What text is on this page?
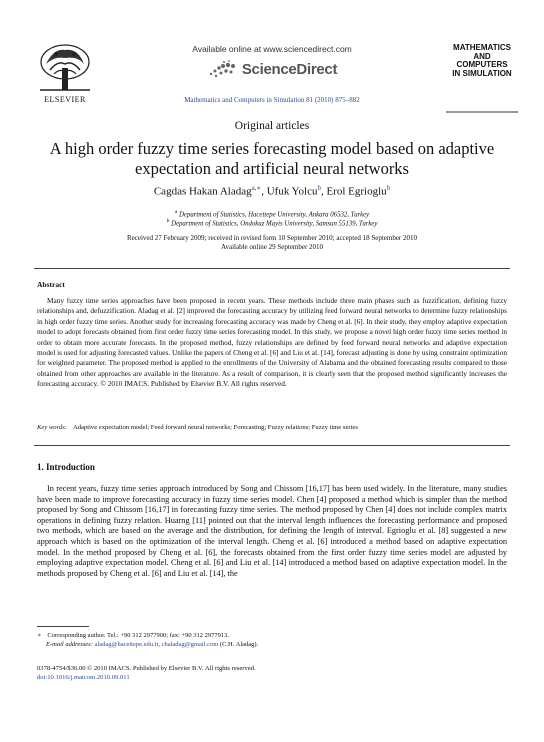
ELSEVIER
Available online at www.sciencedirect.com
ScienceDirect
Mathematics and Computers in Simulation 81 (2010) 875–882
MATHEMATICS
AND
COMPUTERS
IN SIMULATION
Original articles
A high order fuzzy time series forecasting model based on adaptive expectation and artificial neural networks
Cagdas Hakan Aladag$^{a,∗}$, Ufuk Yolcu$^b$, Erol Egrioglu$^b$
$^a$ Department of Statistics, Hacettepe University, Ankara 06532, Turkey
$^b$ Department of Statistics, Ondokuz Mayis University, Samsun 55139, Turkey
Received 27 February 2009; received in revised form 10 September 2010; accepted 18 September 2010
Available online 29 September 2010
Abstract
Many fuzzy time series approaches have been proposed in recent years. These methods include three main phases such as fuzzification, defining fuzzy relationships and, defuzzification. Aladag et al. [2] improved the forecasting accuracy by utilizing feed forward neural networks to determine fuzzy relationships in high order fuzzy time series. Another study for increasing forecasting accuracy was made by Cheng et al. [6]. In their study, they employ adaptive expectation model to adopt forecasts obtained from first order fuzzy time series forecasting model. In this study, we propose a novel high order fuzzy time series method in order to obtain more accurate forecasts. In the proposed method, fuzzy relationships are defined by feed forward neural networks and adaptive expectation model is used for adjusting forecasted values. Unlike the papers of Cheng et al. [6] and Liu et al. [14], forecast adjusting is done by using constraint optimization for weighted parameter. The proposed method is applied to the enrollments of the University of Alabama and the obtained forecasting results compared to those obtained from other approaches are available in the literature. As a result of comparison, it is clearly seen that the proposed method significantly increases the forecasting accuracy. © 2010 IMACS. Published by Elsevier B.V. All rights reserved.
Key words: Adaptive expectation model; Feed forward neural networks; Forecasting; Fuzzy relations; Fuzzy time series
1. Introduction
In recent years, fuzzy time series approach introduced by Song and Chissom [16,17] has been used widely. In the literature, many studies have been made to improve forecasting accuracy in fuzzy time series model. Chen [4] proposed a method which is simpler than the method proposed by Song and Chissom [16,17] in forecasting fuzzy time series. The method proposed by Chen [4] does not include complex matrix operations in defining fuzzy relation. Huarng [11] pointed out that the interval length influences the forecasting performance and proposed two methods, which are based on the average and the distribution, for defining the length of interval. Egrioglu et al. [8] suggested a new approach which is based on the optimization of the interval length. Cheng et al. [6] introduced a method based on adaptive expectation model. In the method proposed by Cheng et al. [6], the forecasts obtained from the first order fuzzy time series model are adjusted by employing adaptive expectation model. Cheng et al. [6] and Liu et al. [14] introduced a method based on adaptive expectation model. In the methods proposed by Cheng et al. [6] and Liu et al. [14], the
∗ Corresponding author. Tel.: +90 312 2977900; fax: +90 312 2977913.
E-mail addresses: aladag@hacettepe.edu.tr, chaladag@gmail.com (C.H. Aladag).
0378-4754/$36.00 © 2010 IMACS. Published by Elsevier B.V. All rights reserved.
doi:10.1016/j.matcom.2010.09.011
